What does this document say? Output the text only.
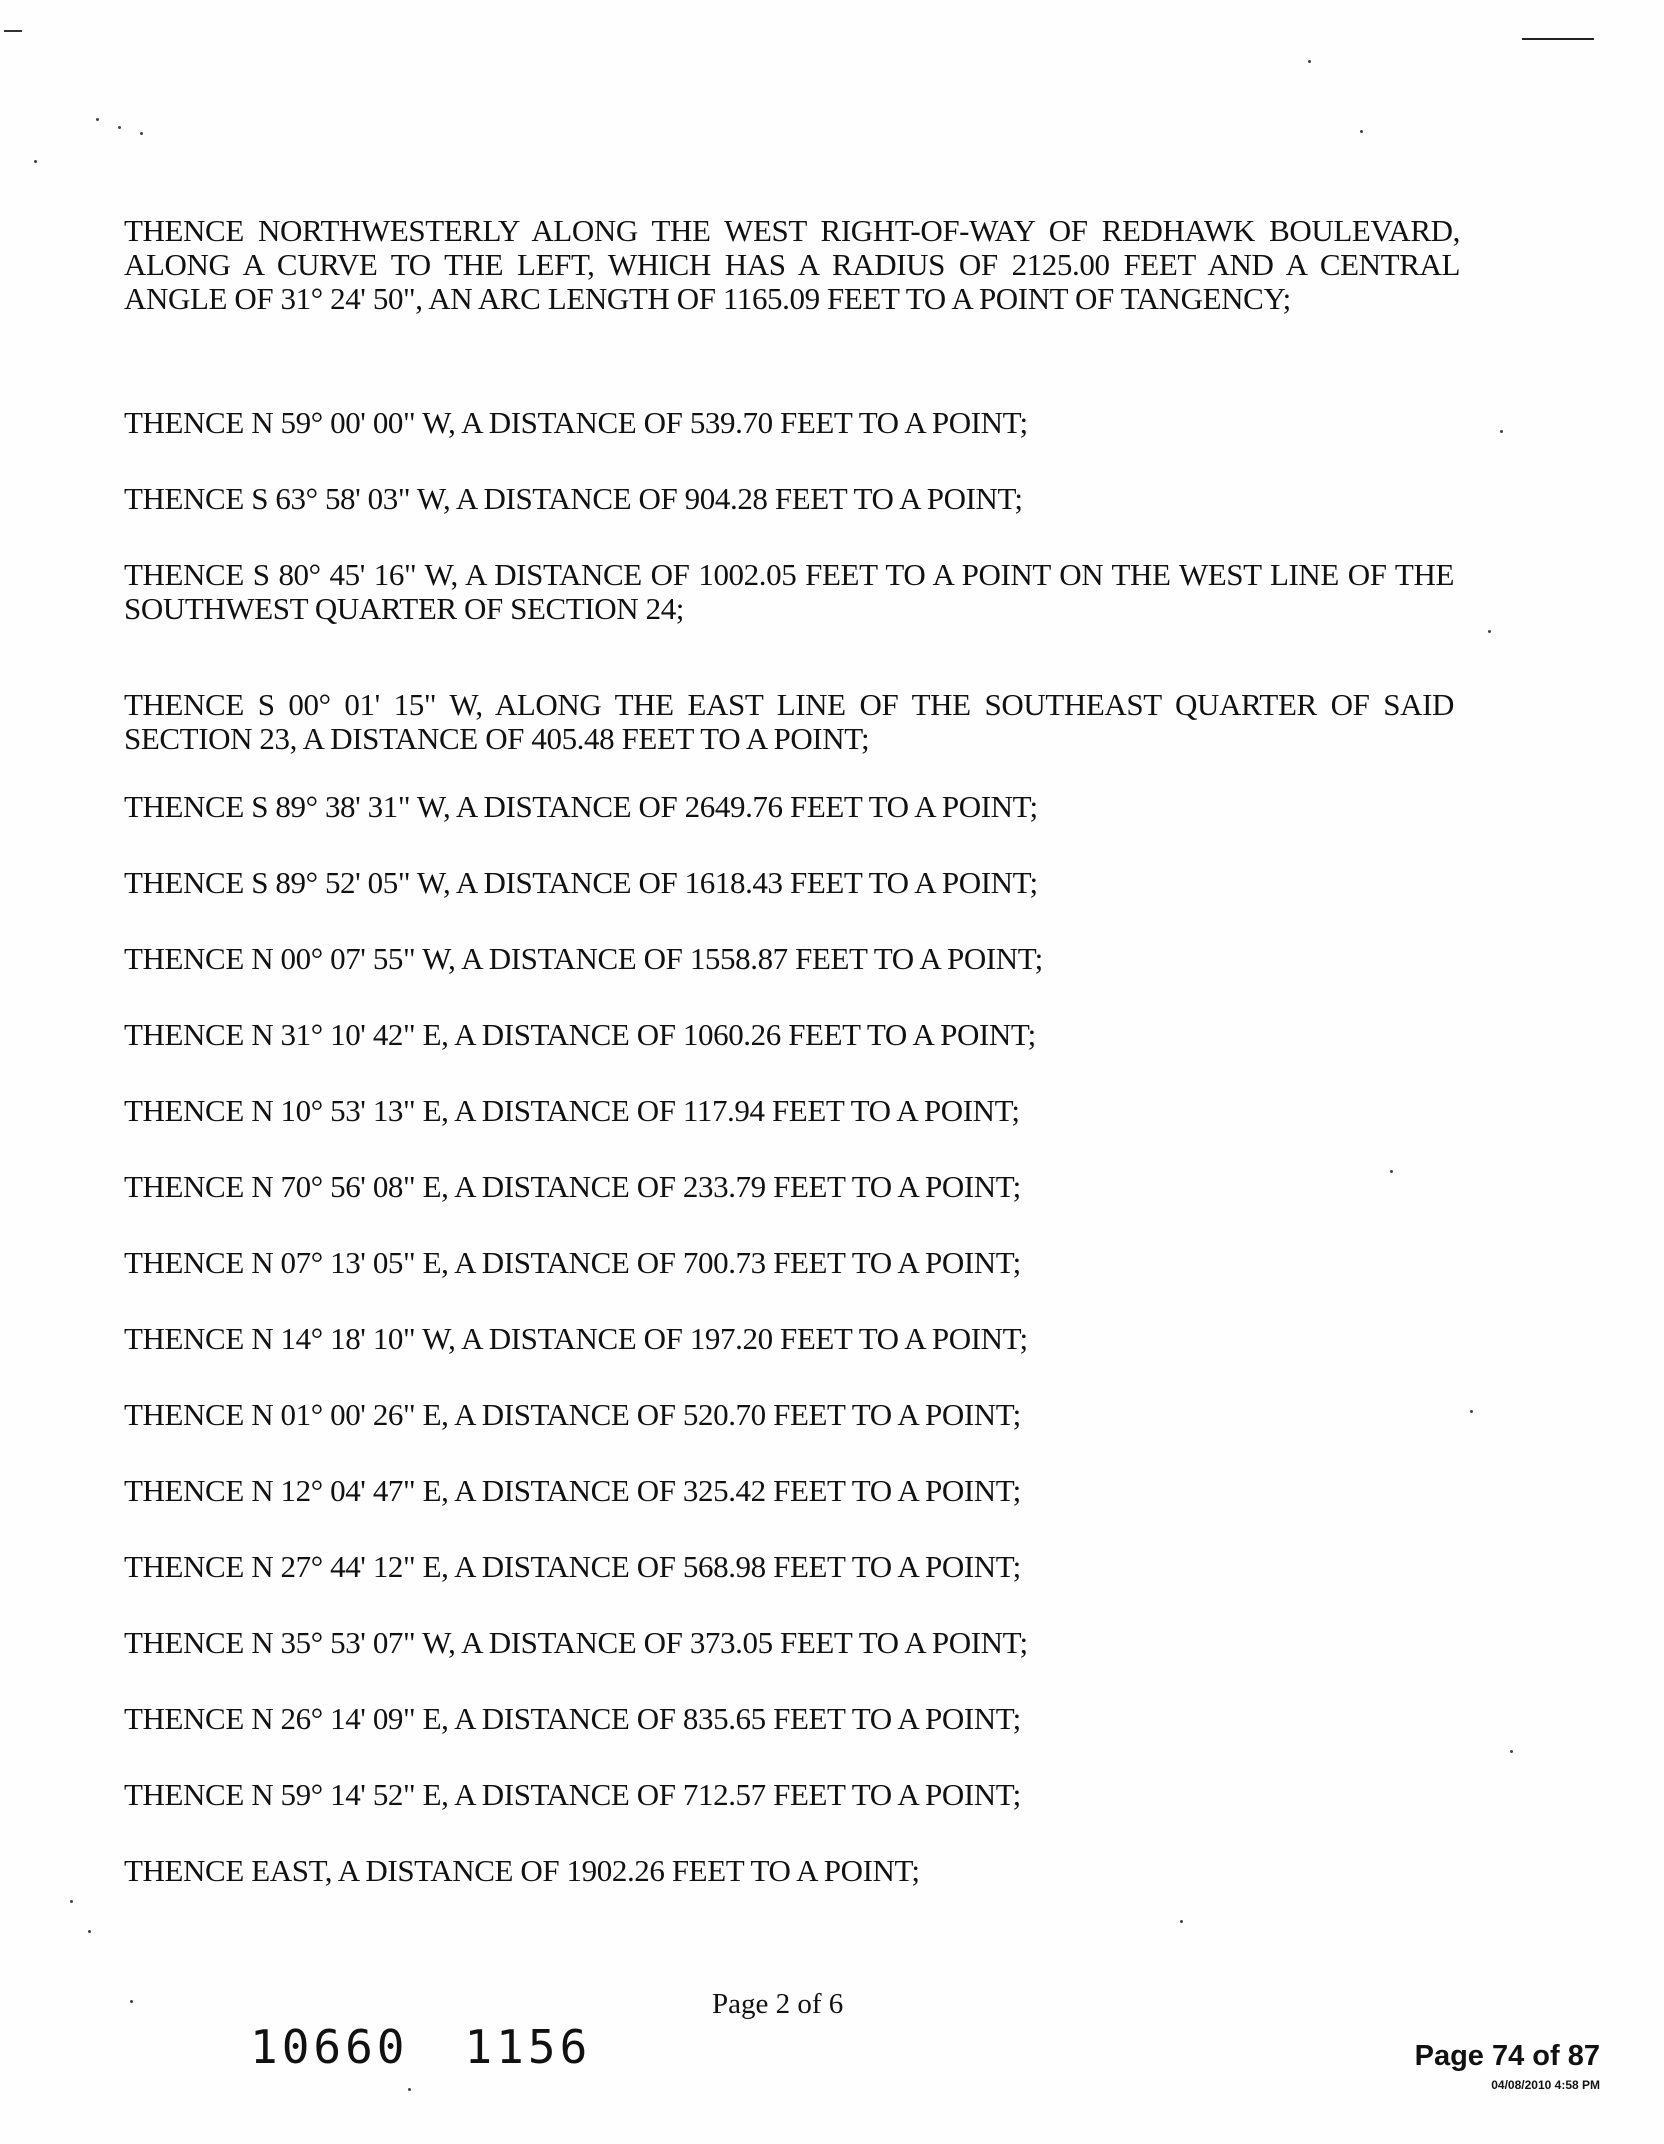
THENCE NORTHWESTERLY ALONG THE WEST RIGHT-OF-WAY OF REDHAWK BOULEVARD, ALONG A CURVE TO THE LEFT, WHICH HAS A RADIUS OF 2125.00 FEET AND A CENTRAL ANGLE OF 31° 24' 50", AN ARC LENGTH OF 1165.09 FEET TO A POINT OF TANGENCY;

THENCE N 59° 00' 00" W, A DISTANCE OF 539.70 FEET TO A POINT;

THENCE S 63° 58' 03" W, A DISTANCE OF 904.28 FEET TO A POINT;

THENCE S 80° 45' 16" W, A DISTANCE OF 1002.05 FEET TO A POINT ON THE WEST LINE OF THE SOUTHWEST QUARTER OF SECTION 24;

THENCE S 00° 01' 15" W, ALONG THE EAST LINE OF THE SOUTHEAST QUARTER OF SAID SECTION 23, A DISTANCE OF 405.48 FEET TO A POINT;

THENCE S 89° 38' 31" W, A DISTANCE OF 2649.76 FEET TO A POINT;

THENCE S 89° 52' 05" W, A DISTANCE OF 1618.43 FEET TO A POINT;

THENCE N 00° 07' 55" W, A DISTANCE OF 1558.87 FEET TO A POINT;

THENCE N 31° 10' 42" E, A DISTANCE OF 1060.26 FEET TO A POINT;

THENCE N 10° 53' 13" E, A DISTANCE OF 117.94 FEET TO A POINT;

THENCE N 70° 56' 08" E, A DISTANCE OF 233.79 FEET TO A POINT;

THENCE N 07° 13' 05" E, A DISTANCE OF 700.73 FEET TO A POINT;

THENCE N 14° 18' 10" W, A DISTANCE OF 197.20 FEET TO A POINT;

THENCE N 01° 00' 26" E, A DISTANCE OF 520.70 FEET TO A POINT;

THENCE N 12° 04' 47" E, A DISTANCE OF 325.42 FEET TO A POINT;

THENCE N 27° 44' 12" E, A DISTANCE OF 568.98 FEET TO A POINT;

THENCE N 35° 53' 07" W, A DISTANCE OF 373.05 FEET TO A POINT;

THENCE N 26° 14' 09" E, A DISTANCE OF 835.65 FEET TO A POINT;

THENCE N 59° 14' 52" E, A DISTANCE OF 712.57 FEET TO A POINT;

THENCE EAST, A DISTANCE OF 1902.26 FEET TO A POINT;

Page 2 of 6
10660 1156	Page 74 of 87
04/08/2010 4:58 PM
